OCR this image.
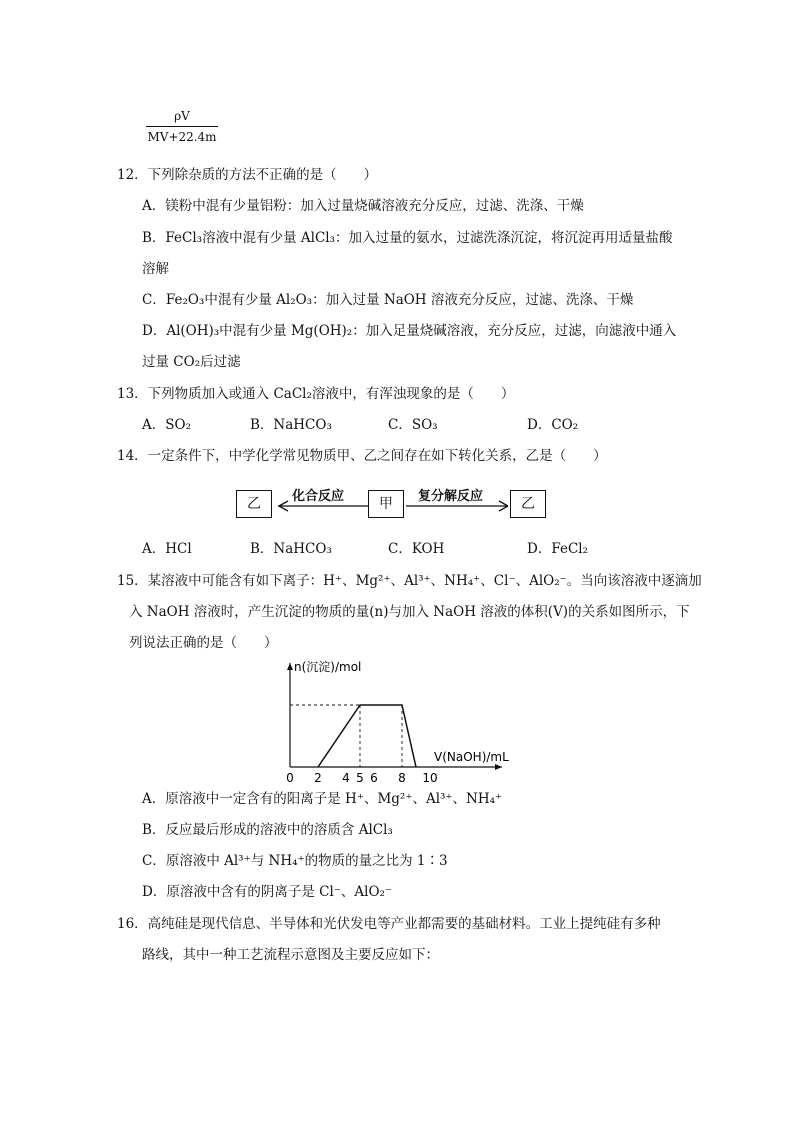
ρV
MV+22.4m
12．下列除杂质的方法不正确的是（　　）
A．镁粉中混有少量铝粉：加入过量烧碱溶液充分反应，过滤、洗涤、干燥
B．FeCl₃溶液中混有少量 AlCl₃：加入过量的氨水，过滤洗涤沉淀，将沉淀再用适量盐酸
溶解
C．Fe₂O₃中混有少量 Al₂O₃：加入过量 NaOH 溶液充分反应，过滤、洗涤、干燥
D．Al(OH)₃中混有少量 Mg(OH)₂：加入足量烧碱溶液，充分反应，过滤，向滤液中通入
过量 CO₂后过滤
13．下列物质加入或通入 CaCl₂溶液中，有浑浊现象的是（　　）
A．SO₂	B．NaHCO₃	C．SO₃	D．CO₂
14．一定条件下，中学化学常见物质甲、乙之间存在如下转化关系，乙是（　　）
乙	甲	乙
化合反应	复分解反应
A．HCl	B．NaHCO₃	C．KOH	D．FeCl₂
15．某溶液中可能含有如下离子：H⁺、Mg²⁺、Al³⁺、NH₄⁺、Cl⁻、AlO₂⁻。当向该溶液中逐滴加
入 NaOH 溶液时，产生沉淀的物质的量(n)与加入 NaOH 溶液的体积(V)的关系如图所示，下
列说法正确的是（　　）
0 2 4 5 6 8 10
n(沉淀)/mol
V(NaOH)/mL
A．原溶液中一定含有的阳离子是 H⁺、Mg²⁺、Al³⁺、NH₄⁺
B．反应最后形成的溶液中的溶质含 AlCl₃
C．原溶液中 Al³⁺与 NH₄⁺的物质的量之比为 1∶3
D．原溶液中含有的阴离子是 Cl⁻、AlO₂⁻
16．高纯硅是现代信息、半导体和光伏发电等产业都需要的基础材料。工业上提纯硅有多种
路线，其中一种工艺流程示意图及主要反应如下：
